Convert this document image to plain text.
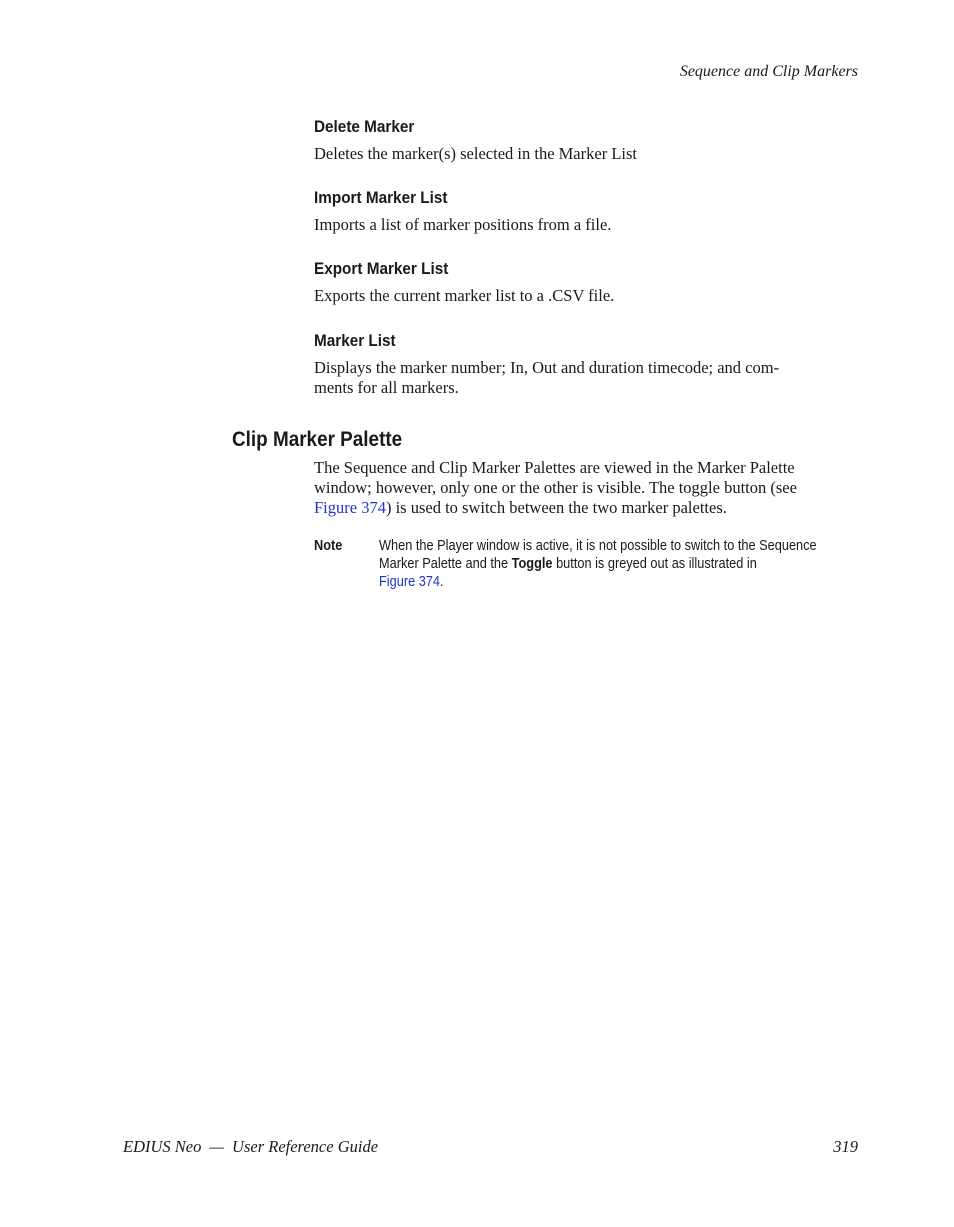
Sequence and Clip Markers
Delete Marker

Deletes the marker(s) selected in the Marker List

Import Marker List

Imports a list of marker positions from a file.

Export Marker List

Exports the current marker list to a .CSV file.

Marker List

Displays the marker number; In, Out and duration timecode; and com-
ments for all markers.

Clip Marker Palette

The Sequence and Clip Marker Palettes are viewed in the Marker Palette
window; however, only one or the other is visible. The toggle button (see
Figure 374) is used to switch between the two marker palettes.

Note	When the Player window is active, it is not possible to switch to the Sequence
Marker Palette and the Toggle button is greyed out as illustrated in
Figure 374.
EDIUS Neo — User Reference Guide	319
